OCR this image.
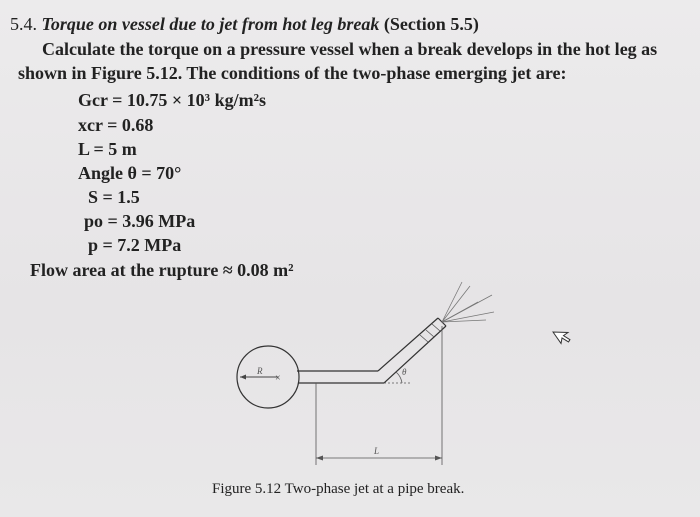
5.4. Torque on vessel due to jet from hot leg break (Section 5.5)
Calculate the torque on a pressure vessel when a break develops in the hot leg as
shown in Figure 5.12. The conditions of the two-phase emerging jet are:
Gcr = 10.75 × 10³ kg/m²s
xcr = 0.68
L = 5 m
Angle θ = 70°
S = 1.5
po = 3.96 MPa
p = 7.2 MPa
Flow area at the rupture ≈ 0.08 m²
×
R	θ
L
Figure 5.12 Two-phase jet at a pipe break.
